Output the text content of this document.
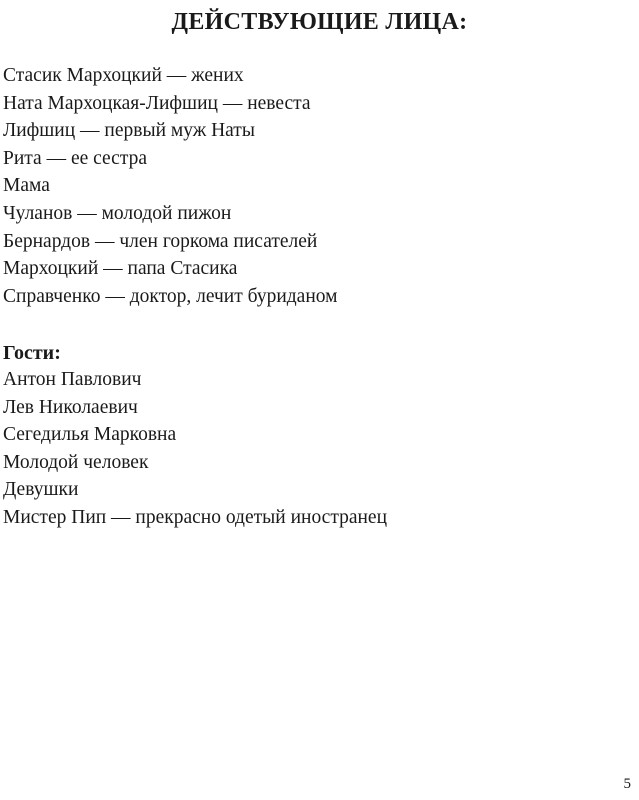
ДЕЙСТВУЮЩИЕ ЛИЦА:
Стасик Мархоцкий — жених
Ната Мархоцкая-Лифшиц — невеста
Лифшиц — первый муж Наты
Рита — ее сестра
Мама
Чуланов — молодой пижон
Бернардов — член горкома писателей
Мархоцкий — папа Стасика
Справченко — доктор, лечит буриданом
Гости:
Антон Павлович
Лев Николаевич
Сегедилья Марковна
Молодой человек
Девушки
Мистер Пип — прекрасно одетый иностранец
5
